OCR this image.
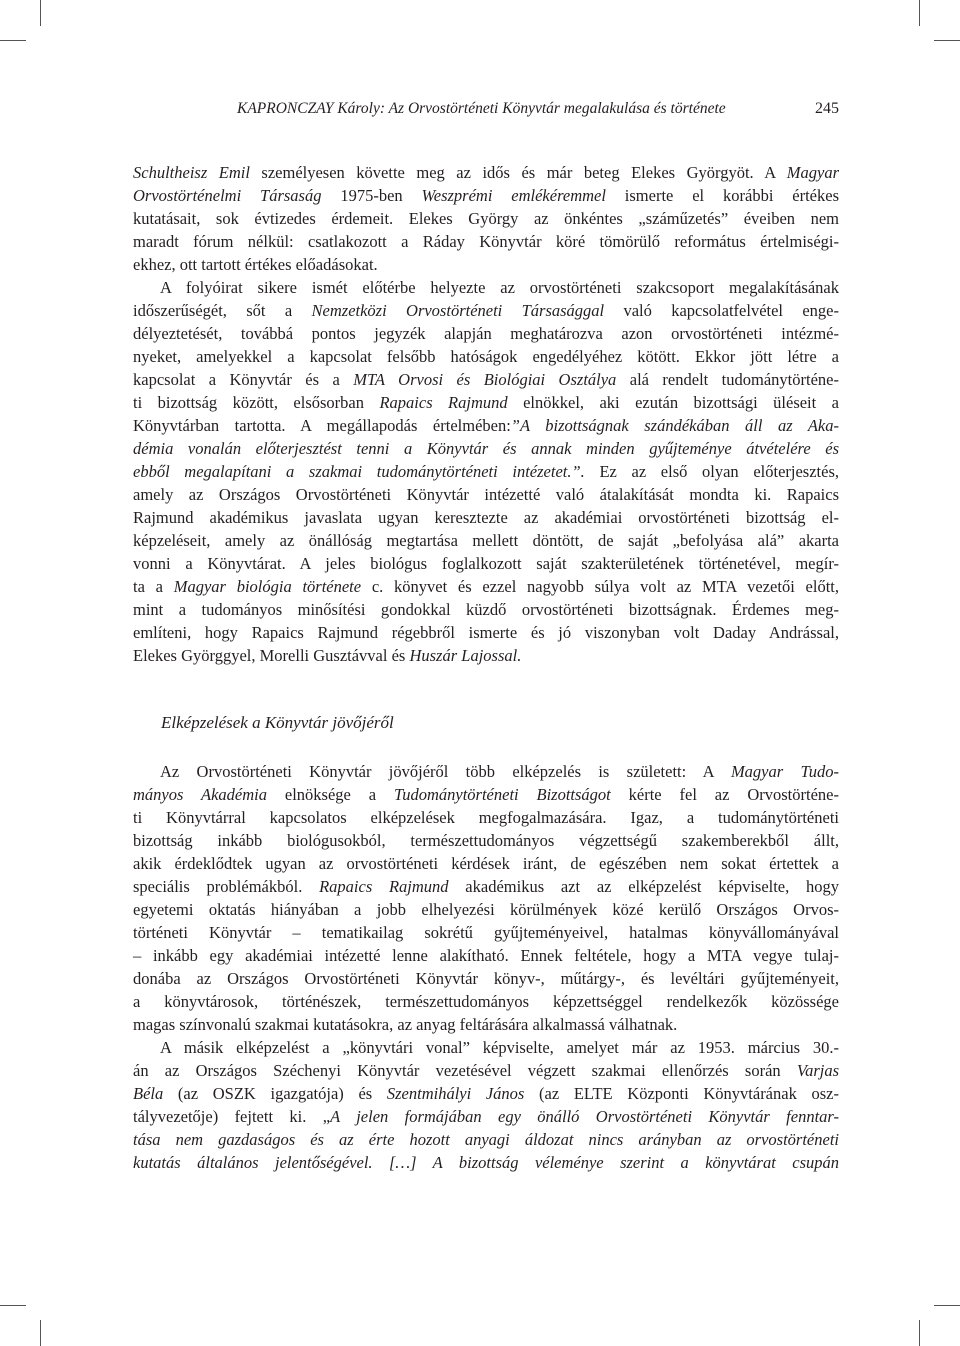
KAPRONCZAY Károly: Az Orvostörténeti Könyvtár megalakulása és története	245

Schultheisz Emil személyesen követte meg az idős és már beteg Elekes Györgyöt. A Magyar

Orvostörténelmi Társaság 1975-ben Weszprémi emlékéremmel ismerte el korábbi értékes

kutatásait, sok évtizedes érdemeit. Elekes György az önkéntes „száműzetés” éveiben nem

maradt fórum nélkül: csatlakozott a Ráday Könyvtár köré tömörülő református értelmiségi-

ekhez, ott tartott értékes előadásokat.

A folyóirat sikere ismét előtérbe helyezte az orvostörténeti szakcsoport megalakításának

időszerűségét, sőt a Nemzetközi Orvostörténeti Társasággal való kapcsolatfelvétel enge-

délyeztetését, továbbá pontos jegyzék alapján meghatározva azon orvostörténeti intézmé-

nyeket, amelyekkel a kapcsolat felsőbb hatóságok engedélyéhez kötött. Ekkor jött létre a

kapcsolat a Könyvtár és a MTA Orvosi és Biológiai Osztálya alá rendelt tudománytörténe-

ti bizottság között, elsősorban Rapaics Rajmund elnökkel, aki ezután bizottsági üléseit a

Könyvtárban tartotta. A megállapodás értelmében:”A bizottságnak szándékában áll az Aka-

démia vonalán előterjesztést tenni a Könyvtár és annak minden gyűjteménye átvételére és

ebből megalapítani a szakmai tudománytörténeti intézetet.”. Ez az első olyan előterjesztés,

amely az Országos Orvostörténeti Könyvtár intézetté való átalakítását mondta ki. Rapaics

Rajmund akadémikus javaslata ugyan keresztezte az akadémiai orvostörténeti bizottság el-

képzeléseit, amely az önállóság megtartása mellett döntött, de saját „befolyása alá” akarta

vonni a Könyvtárat. A jeles biológus foglalkozott saját szakterületének történetével, megír-

ta a Magyar biológia története c. könyvet és ezzel nagyobb súlya volt az MTA vezetői előtt,

mint a tudományos minősítési gondokkal küzdő orvostörténeti bizottságnak. Érdemes meg-

említeni, hogy Rapaics Rajmund régebbről ismerte és jó viszonyban volt Daday Andrással,

Elekes Györggyel, Morelli Gusztávval és Huszár Lajossal.

Elképzelések a Könyvtár jövőjéről

Az Orvostörténeti Könyvtár jövőjéről több elképzelés is született: A Magyar Tudo-

mányos Akadémia elnöksége a Tudománytörténeti Bizottságot kérte fel az Orvostörténe-

ti Könyvtárral kapcsolatos elképzelések megfogalmazására. Igaz, a tudománytörténeti

bizottság inkább biológusokból, természettudományos végzettségű szakemberekből állt,

akik érdeklődtek ugyan az orvostörténeti kérdések iránt, de egészében nem sokat értettek a

speciális problémákból. Rapaics Rajmund akadémikus azt az elképzelést képviselte, hogy

egyetemi oktatás hiányában a jobb elhelyezési körülmények közé kerülő Országos Orvos-

történeti Könyvtár – tematikailag sokrétű gyűjteményeivel, hatalmas könyvállományával

– inkább egy akadémiai intézetté lenne alakítható. Ennek feltétele, hogy a MTA vegye tulaj-

donába az Országos Orvostörténeti Könyvtár könyv-, műtárgy-, és levéltári gyűjteményeit,

a könyvtárosok, történészek, természettudományos képzettséggel rendelkezők közössége

magas színvonalú szakmai kutatásokra, az anyag feltárására alkalmassá válhatnak.

A másik elképzelést a „könyvtári vonal” képviselte, amelyet már az 1953. március 30.-

án az Országos Széchenyi Könyvtár vezetésével végzett szakmai ellenőrzés során Varjas

Béla (az OSZK igazgatója) és Szentmihályi János (az ELTE Központi Könyvtárának osz-

tályvezetője) fejtett ki. „A jelen formájában egy önálló Orvostörténeti Könyvtár fenntar-

tása nem gazdaságos és az érte hozott anyagi áldozat nincs arányban az orvostörténeti

kutatás általános jelentőségével. […] A bizottság véleménye szerint a könyvtárat csupán
